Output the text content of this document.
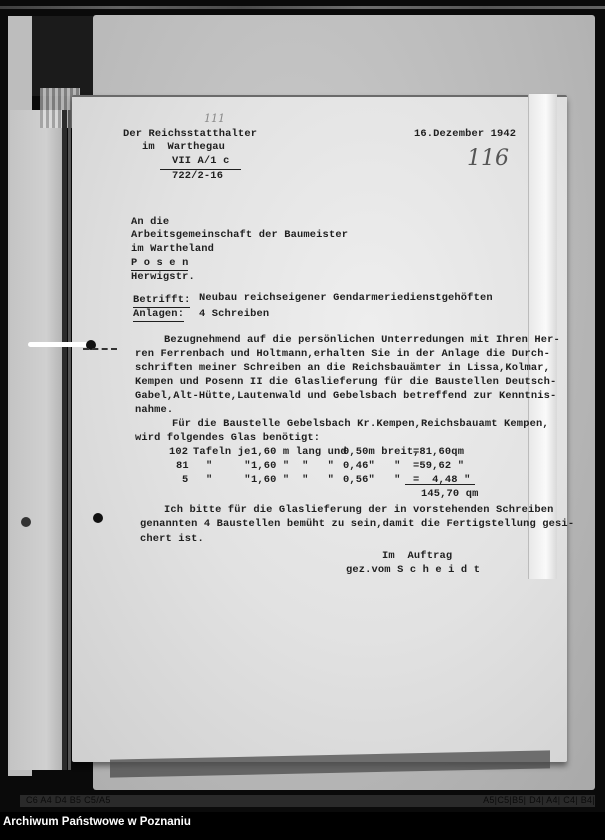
111
Der Reichsstatthalter
im  Warthegau
VII A/1 c
722/2-16
16.Dezember 1942
116
An die
Arbeitsgemeinschaft der Baumeister
im Wartheland
P o s e n
Herwigstr.
Betrifft: Neubau reichseigener Gendarmeriedienstgehöften
Anlagen: 4 Schreiben
Bezugnehmend auf die persönlichen Unterredungen mit Ihren Her-
ren Ferrenbach und Holtmann,erhalten Sie in der Anlage die Durch-
schriften meiner Schreiben an die Reichsbauämter in Lissa,Kolmar,
Kempen und Posenn II die Glaslieferung für die Baustellen Deutsch-
Gabel,Alt-Hütte,Lautenwald und Gebelsbach betreffend zur Kenntnis-
nahme.
Für die Baustelle Gebelsbach Kr.Kempen,Reichsbauamt Kempen,
wird folgendes Glas benötigt:
102 Tafeln je 1,60 m lang und
0,50m breit,
=81,60qm
81 "     " 1,60 "  "   " 0,46"   " =59,62 "
5 "     " 1,60 "  "   " 0,56"   " =  4,48 "
145,70 qm
Ich bitte für die Glaslieferung der in vorstehenden Schreiben
genannten 4 Baustellen bemüht zu sein,damit die Fertigstellung gesi-
chert ist.
Im  Auftrag
gez.vom S c h e i d t
C6 A4 D4 B5 C5/A5	A5|C5|B5| D4| A4| C4| B4|
Archiwum Państwowe w Poznaniu
